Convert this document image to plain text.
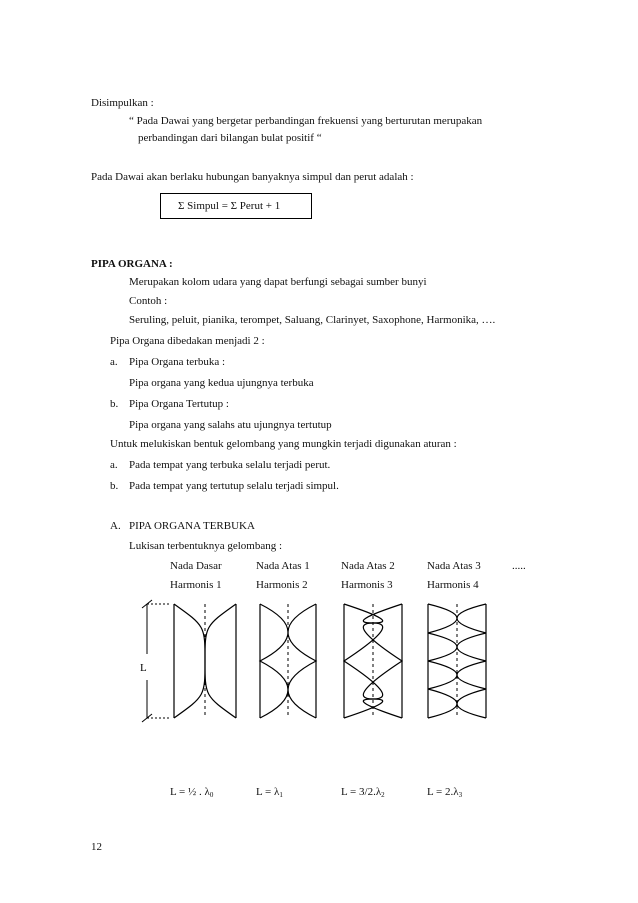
Disimpulkan :
“ Pada Dawai yang bergetar perbandingan frekuensi yang berturutan merupakan
perbandingan dari bilangan bulat positif “
Pada Dawai akan berlaku hubungan banyaknya simpul dan perut adalah :
Σ Simpul = Σ Perut + 1
PIPA ORGANA :
Merupakan kolom udara yang dapat berfungi sebagai sumber bunyi
Contoh :
Seruling, peluit, pianika, terompet, Saluang, Clarinyet, Saxophone, Harmonika, ….
Pipa Organa dibedakan menjadi 2 :
a. Pipa Organa terbuka :
Pipa organa yang kedua ujungnya terbuka
b. Pipa Organa Tertutup :
Pipa organa yang salahs atu ujungnya tertutup
Untuk melukiskan bentuk gelombang yang mungkin terjadi digunakan aturan :
a. Pada tempat yang terbuka selalu terjadi perut.
b. Pada tempat yang tertutup selalu terjadi simpul.
A. PIPA ORGANA TERBUKA
Lukisan terbentuknya gelombang :
Nada Dasar	Nada Atas 1	Nada Atas 2	Nada Atas 3	.....
Harmonis 1	Harmonis 2	Harmonis 3	Harmonis 4
L
L = ½ . $\lambda_0$	$L = \lambda_1$	$L = 3/2.\lambda_2$	$L = 2.\lambda_3$
12
